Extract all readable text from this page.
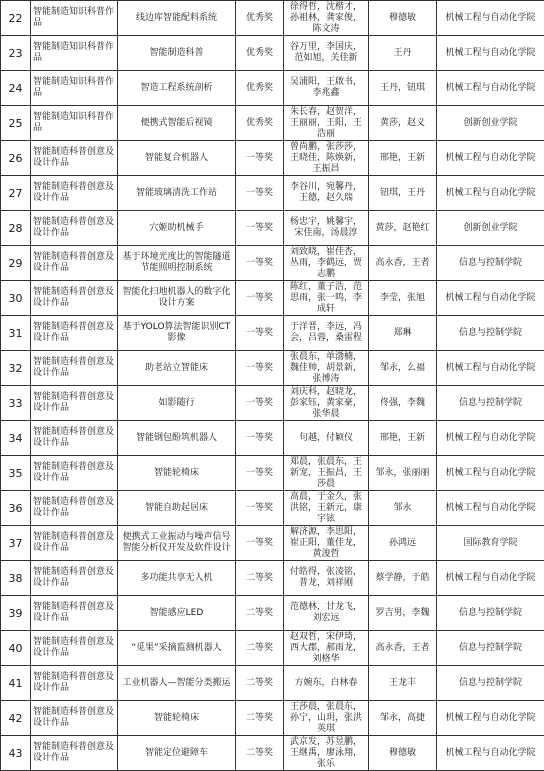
22	智能制造知识科普作品	线边库智能配料系统	优秀奖	徐得哲，沈楷才，孙祖林，龚家俊，陈文涛	穆德敏	机械工程与自动化学院
23	智能制造知识科普作品	智能制造科普	优秀奖	谷万里，李国庆，范如旭，关佳新	王丹	机械工程与自动化学院
24	智能制造知识科普作品	智造工程系统剖析	优秀奖	吴浦阳，王啟书，李兆鑫	王丹，钮琪	机械工程与自动化学院
25	智能制造知识科普作品	便携式智能后视镜	优秀奖	朱长春，赵贺洋，王丽丽，王阳，王浩丽	黄莎，赵义	创新创业学院
26	智能制造科普创意及设计作品	智能复合机器人	一等奖	曾尚鹏，张莎莎，王晓佳，陈焕新，王振昌	邢艳，王新	机械工程与自动化学院
27	智能制造科普创意及设计作品	智能玻璃清洗工作站	一等奖	李谷川，宛馨丹，王德，赵久瑞	钮琪，王丹	机械工程与自动化学院
28	智能制造科普创意及设计作品	穴姬助机械手	一等奖	杨忠宇，姚馨宇，宋佳南，汤晨淳	黄莎，赵艳红	创新创业学院
29	智能制造科普创意及设计作品	基于环境光度比的智能隧道节能照明控制系统	一等奖	刘致晓，崔佳杏，丛雨，李鹤远，贾志鹏	高永香，王者	信息与控制学院
30	智能制造科普创意及设计作品	智能化扫地机器人的数字化设计方案	一等奖	陈红，董子浩，范思雨，张一鸣，李成轩	李莹，张旭	机械工程与自动化学院
31	智能制造科普创意及设计作品	基于YOLO算法智能识别CT影像	一等奖	于洋晋，李远，冯会，吕蓉，桑雷程	郑琳	信息与控制学院
32	智能制造科普创意及设计作品	助老站立智能床	一等奖	张晨东，单渤楠，魏佳帅，胡景新，张博涛	邹永，么福	机械工程与自动化学院
33	智能制造科普创意及设计作品	如影随行	一等奖	刘庆科，赵晓龙，彭家钰，黄家豪，张华晨	佟强，李魏	信息与控制学院
34	智能制造科普创意及设计作品	智能钢包酚筑机器人	一等奖	句越，付颖仪	邢艳，王新	机械工程与自动化学院
35	智能制造科普创意及设计作品	智能轮椅床	一等奖	郑晨，张晨东，王新宠，王振昌，王莎晨	邹永，张丽丽	机械工程与自动化学院
36	智能制造科普创意及设计作品	智能自助起居床	一等奖	高晨，于金久，张洪铭，王新元，康宇铉	邹永	机械工程与自动化学院
37	智能制造科普创意及设计作品	便携式工业振动与噪声信号智能分析仪开发及软件设计	一等奖	解济源，李思阳，崔正阳，董佳龙，黄浚哲	孙鸿远	国际教育学院
38	智能制造科普创意及设计作品	多功能共享无人机	二等奖	付皓得，张凌铭，普龙，刘祥刚	蔡学静，于皓	机械工程与自动化学院
39	智能制造科普创意及设计作品	智能感应LED	二等奖	范德林，甘龙飞，刘宏远	罗吉男，李魏	信息与控制学院
40	智能制造科普创意及设计作品	“觅果”采摘监测机器人	二等奖	赵双哲，宋伊琦，西大郡，郝雨龙，刘格华	高永香，王者	信息与控制学院
41	智能制造科普创意及设计作品	工业机器人—智能分类搬运	二等奖	方婉东，白林春	王龙丰	信息与控制学院
42	智能制造科普创意及设计作品	智能轮椅床	二等奖	王莎晨，张晨东，孙宁，山玥，张洪英琪	邹永，高捷	机械工程与自动化学院
43	智能制造科普创意及设计作品	智能定位避障车	二等奖	武京发，苏昱鹏，王继禹，廖泳翔，张乐	穆德敏	机械工程与自动化学院
